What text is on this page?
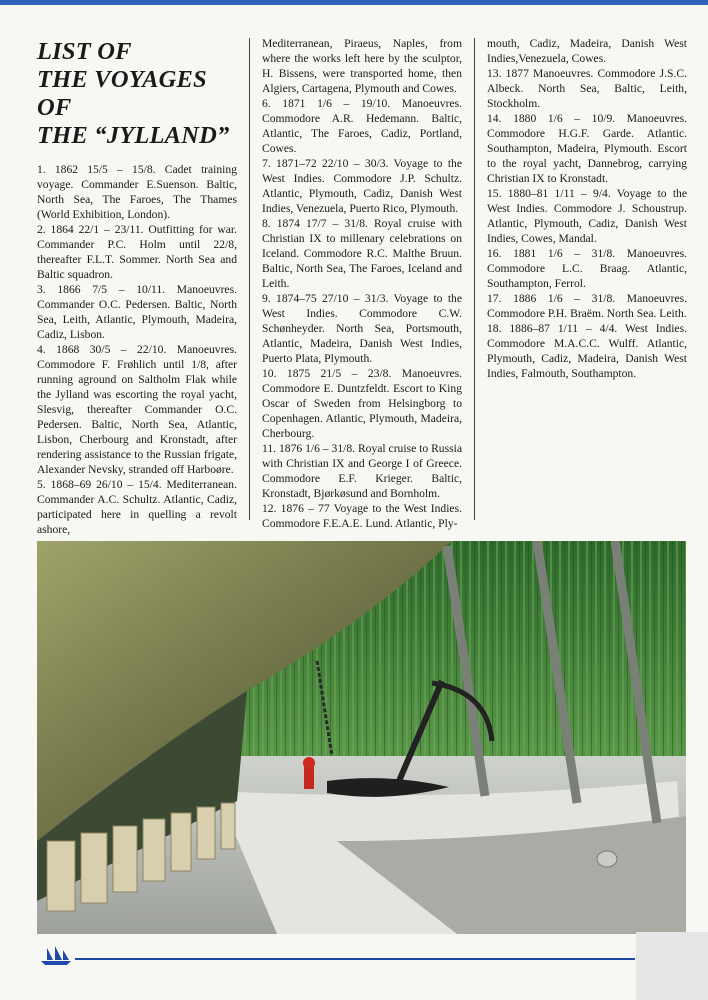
LIST OF
THE VOYAGES
OF
THE “JYLLAND”

1. 1862 15/5 – 15/8. Cadet training voyage. Commander E.Suenson. Baltic, North Sea, The Faroes, The Thames (World Exhibition, London).

2. 1864 22/1 – 23/11. Outfitting for war. Commander P.C. Holm until 22/8, thereafter F.L.T. Sommer. North Sea and Baltic squadron.

3. 1866 7/5 – 10/11. Manoeuvres. Commander O.C. Pedersen. Baltic, North Sea, Leith, Atlantic, Plymouth, Madeira, Cadiz, Lisbon.

4. 1868 30/5 – 22/10. Manoeuvres. Commodore F. Frøhlich until 1/8, after running aground on Saltholm Flak while the Jylland was escorting the royal yacht, Slesvig, thereafter Commander O.C. Pedersen. Baltic, North Sea, Atlantic, Lisbon, Cherbourg and Kronstadt, after rendering assistance to the Russian frigate, Alexander Nevsky, stranded off Harboøre.

5. 1868–69 26/10 – 15/4. Mediterranean. Commander A.C. Schultz. Atlantic, Cadiz, participated here in quelling a revolt ashore,

Mediterranean, Piraeus, Naples, from where the works left here by the sculptor, H. Bissens, were transported home, then Algiers, Cartagena, Plymouth and Cowes.

6. 1871 1/6 – 19/10. Manoeuvres. Commodore A.R. Hedemann. Baltic, Atlantic, The Faroes, Cadiz, Portland, Cowes.

7. 1871–72 22/10 – 30/3. Voyage to the West Indies. Commodore J.P. Schultz. Atlantic, Plymouth, Cadiz, Danish West Indies, Venezuela, Puerto Rico, Plymouth.

8. 1874 17/7 – 31/8. Royal cruise with Christian IX to millenary celebrations on Iceland. Commodore R.C. Malthe Bruun. Baltic, North Sea, The Faroes, Iceland and Leith.

9. 1874–75 27/10 – 31/3. Voyage to the West Indies. Commodore C.W. Schønheyder. North Sea, Portsmouth, Atlantic, Madeira, Danish West Indies, Puerto Plata, Plymouth.

10. 1875 21/5 – 23/8. Manoeuvres. Commodore E. Duntzfeldt. Escort to King Oscar of Sweden from Helsingborg to Copenhagen. Atlantic, Plymouth, Madeira, Cherbourg.

11. 1876 1/6 – 31/8. Royal cruise to Russia with Christian IX and George I of Greece. Commodore E.F. Krieger. Baltic, Kronstadt, Bjørkøsund and Bornholm.

12. 1876 – 77 Voyage to the West Indies. Commodore F.E.A.E. Lund. Atlantic, Ply-

mouth, Cadiz, Madeira, Danish West Indies,Venezuela, Cowes.

13. 1877 Manoeuvres. Commodore J.S.C. Albeck. North Sea, Baltic, Leith, Stockholm.

14. 1880 1/6 – 10/9. Manoeuvres. Commodore H.G.F. Garde. Atlantic. Southampton, Madeira, Plymouth. Escort to the royal yacht, Dannebrog, carrying Christian IX to Kronstadt.

15. 1880–81 1/11 – 9/4. Voyage to the West Indies. Commodore J. Schoustrup. Atlantic, Plymouth, Cadiz, Danish West Indies, Cowes, Mandal.

16. 1881 1/6 – 31/8. Manoeuvres. Commodore L.C. Braag. Atlantic, Southampton, Ferrol.

17. 1886 1/6 – 31/8. Manoeuvres. Commodore P.H. Braëm. North Sea. Leith.

18. 1886–87 1/11 – 4/4. West Indies. Commodore M.A.C.C. Wulff. Atlantic, Plymouth, Cadiz, Madeira, Danish West Indies, Falmouth, Southampton.
